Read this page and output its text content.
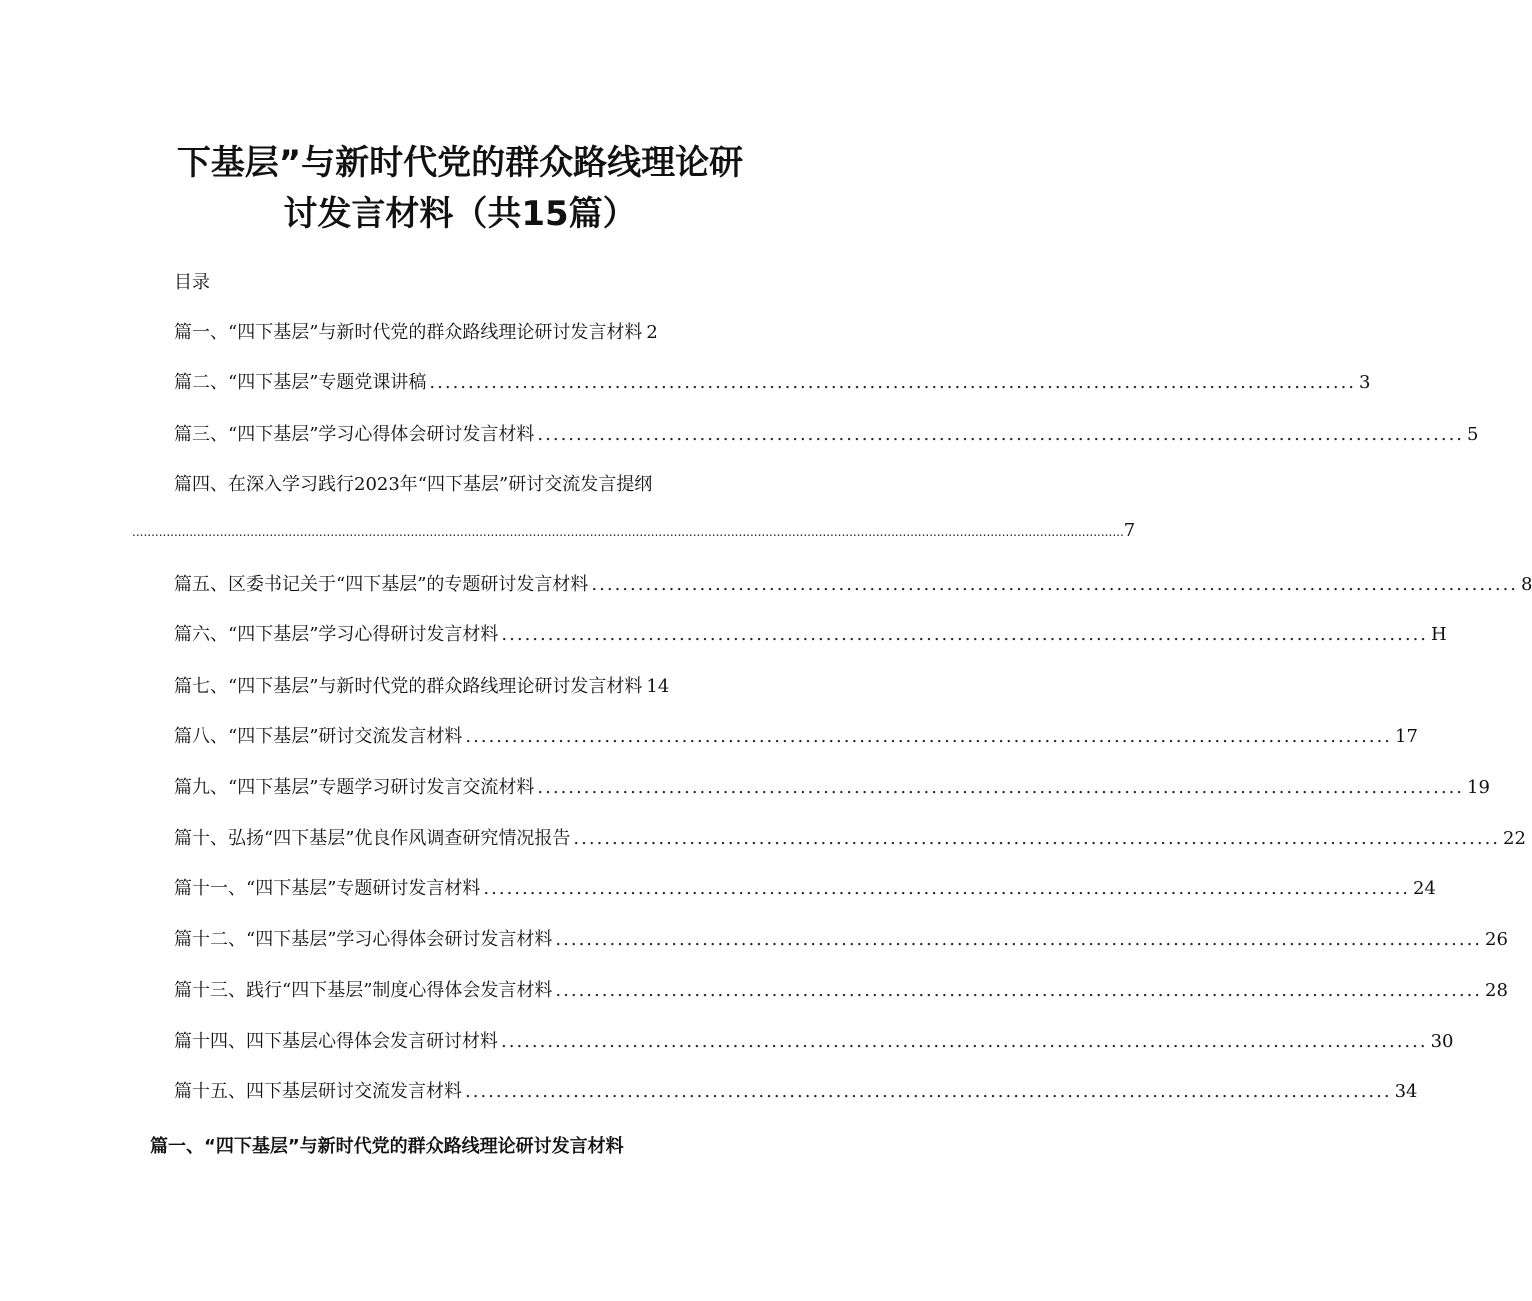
下基层”与新时代党的群众路线理论研
讨发言材料（共15篇）
目录
篇一、“四下基层”与新时代党的群众路线理论研讨发言材料 2
篇二、“四下基层”专题党课讲稿 ........................................................................................................................ 3
篇三、“四下基层”学习心得体会研讨发言材料 ........................................................................................................................ 5
篇四、在深入学习践行2023年“四下基层”研讨交流发言提纲
.................................................................................................................................................................................................................................................................... 7
篇五、区委书记关于“四下基层”的专题研讨发言材料 ........................................................................................................................ 8
篇六、“四下基层”学习心得研讨发言材料 ........................................................................................................................ H
篇七、“四下基层”与新时代党的群众路线理论研讨发言材料 14
篇八、“四下基层”研讨交流发言材料 ........................................................................................................................ 17
篇九、“四下基层”专题学习研讨发言交流材料 ........................................................................................................................ 19
篇十、弘扬“四下基层”优良作风调查研究情况报告 ........................................................................................................................ 22
篇十一、“四下基层”专题研讨发言材料 ........................................................................................................................ 24
篇十二、“四下基层”学习心得体会研讨发言材料 ........................................................................................................................ 26
篇十三、践行“四下基层”制度心得体会发言材料 ........................................................................................................................ 28
篇十四、四下基层心得体会发言研讨材料 ........................................................................................................................ 30
篇十五、四下基层研讨交流发言材料 ........................................................................................................................ 34
篇一、“四下基层”与新时代党的群众路线理论研讨发言材料
